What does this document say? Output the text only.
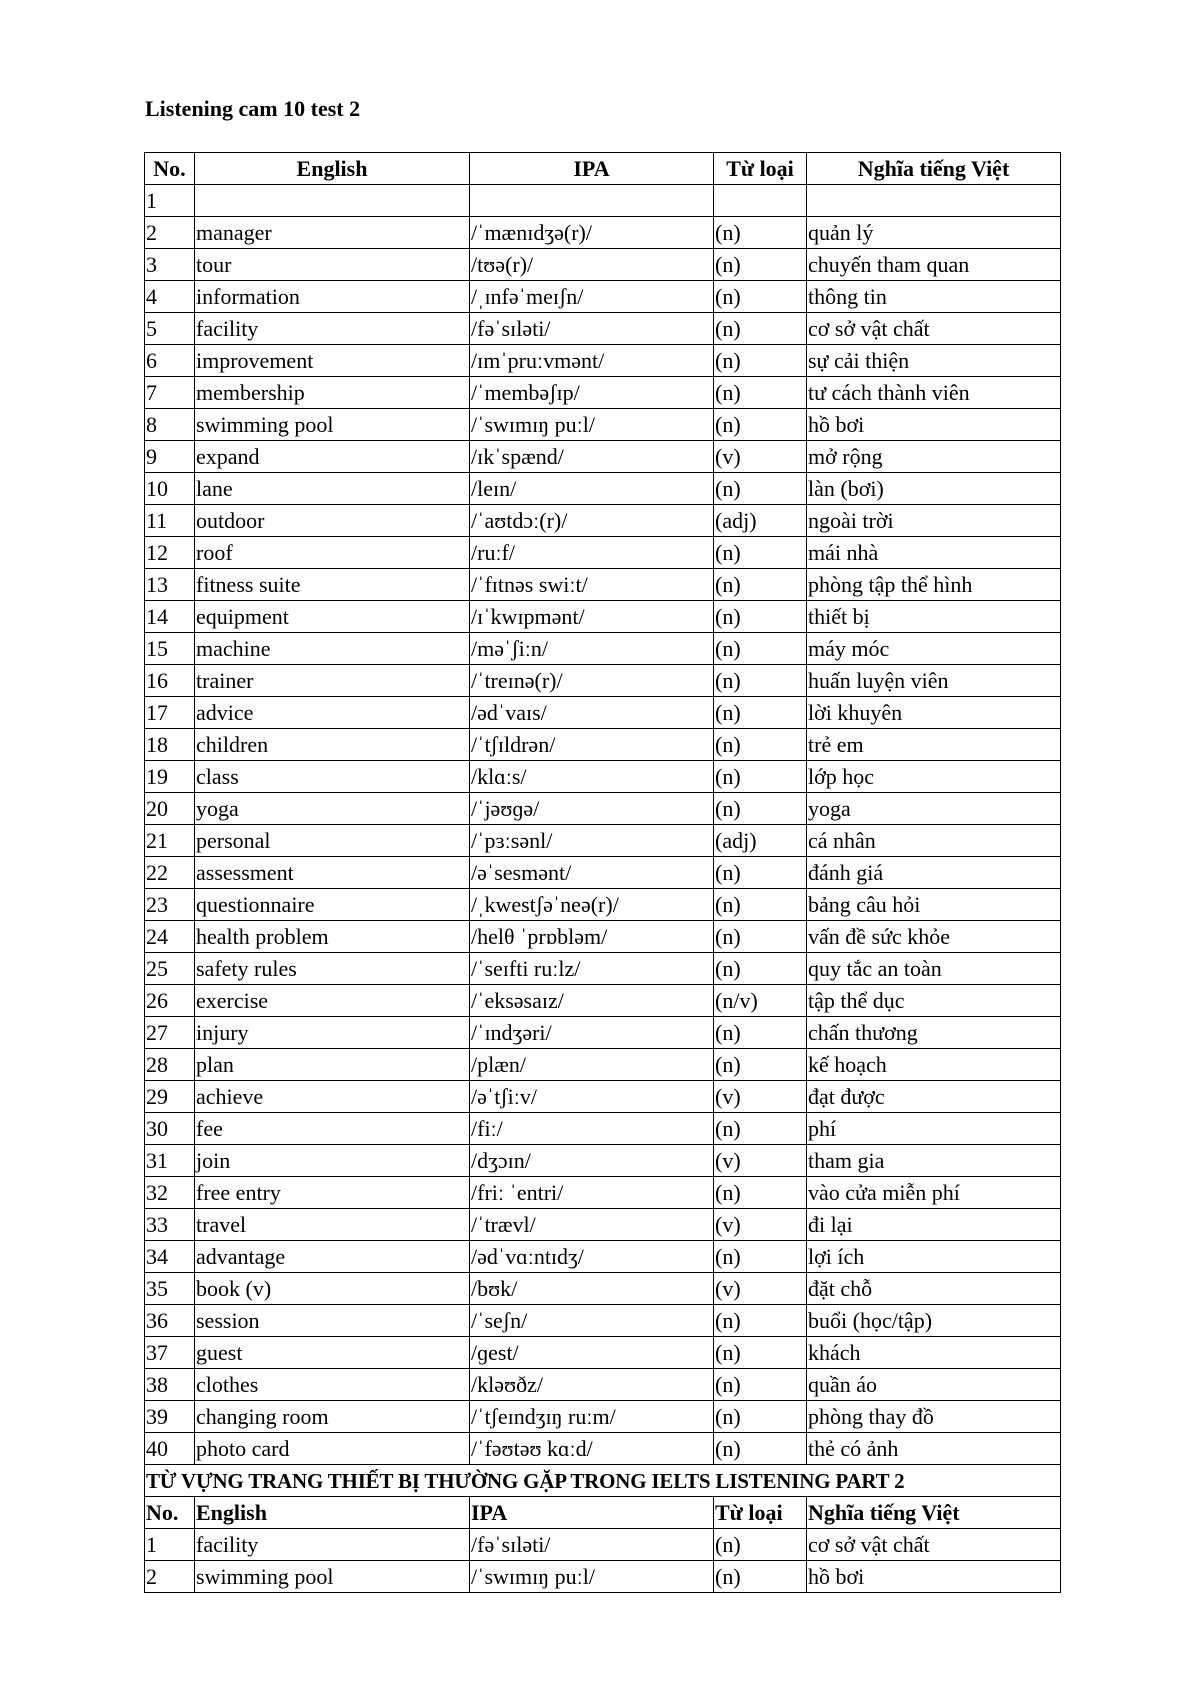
Listening cam 10 test 2
No.	English	IPA	Từ loại	Nghĩa tiếng Việt
1				
2	manager	/ˈmænɪdʒə(r)/	(n)	quản lý
3	tour	/tʊə(r)/	(n)	chuyến tham quan
4	information	/ˌɪnfəˈmeɪʃn/	(n)	thông tin
5	facility	/fəˈsɪləti/	(n)	cơ sở vật chất
6	improvement	/ɪmˈpruːvmənt/	(n)	sự cải thiện
7	membership	/ˈmembəʃɪp/	(n)	tư cách thành viên
8	swimming pool	/ˈswɪmɪŋ puːl/	(n)	hồ bơi
9	expand	/ɪkˈspænd/	(v)	mở rộng
10	lane	/leɪn/	(n)	làn (bơi)
11	outdoor	/ˈaʊtdɔː(r)/	(adj)	ngoài trời
12	roof	/ruːf/	(n)	mái nhà
13	fitness suite	/ˈfɪtnəs swiːt/	(n)	phòng tập thể hình
14	equipment	/ɪˈkwɪpmənt/	(n)	thiết bị
15	machine	/məˈʃiːn/	(n)	máy móc
16	trainer	/ˈtreɪnə(r)/	(n)	huấn luyện viên
17	advice	/ədˈvaɪs/	(n)	lời khuyên
18	children	/ˈtʃɪldrən/	(n)	trẻ em
19	class	/klɑːs/	(n)	lớp học
20	yoga	/ˈjəʊɡə/	(n)	yoga
21	personal	/ˈpɜːsənl/	(adj)	cá nhân
22	assessment	/əˈsesmənt/	(n)	đánh giá
23	questionnaire	/ˌkwestʃəˈneə(r)/	(n)	bảng câu hỏi
24	health problem	/helθ ˈprɒbləm/	(n)	vấn đề sức khỏe
25	safety rules	/ˈseɪfti ruːlz/	(n)	quy tắc an toàn
26	exercise	/ˈeksəsaɪz/	(n/v)	tập thể dục
27	injury	/ˈɪndʒəri/	(n)	chấn thương
28	plan	/plæn/	(n)	kế hoạch
29	achieve	/əˈtʃiːv/	(v)	đạt được
30	fee	/fiː/	(n)	phí
31	join	/dʒɔɪn/	(v)	tham gia
32	free entry	/friː ˈentri/	(n)	vào cửa miễn phí
33	travel	/ˈtrævl/	(v)	đi lại
34	advantage	/ədˈvɑːntɪdʒ/	(n)	lợi ích
35	book (v)	/bʊk/	(v)	đặt chỗ
36	session	/ˈseʃn/	(n)	buổi (học/tập)
37	guest	/ɡest/	(n)	khách
38	clothes	/kləʊðz/	(n)	quần áo
39	changing room	/ˈtʃeɪndʒɪŋ ruːm/	(n)	phòng thay đồ
40	photo card	/ˈfəʊtəʊ kɑːd/	(n)	thẻ có ảnh
TỪ VỰNG TRANG THIẾT BỊ THƯỜNG GẶP TRONG IELTS LISTENING PART 2				
No.	English	IPA	Từ loại	Nghĩa tiếng Việt
1	facility	/fəˈsɪləti/	(n)	cơ sở vật chất
2	swimming pool	/ˈswɪmɪŋ puːl/	(n)	hồ bơi
